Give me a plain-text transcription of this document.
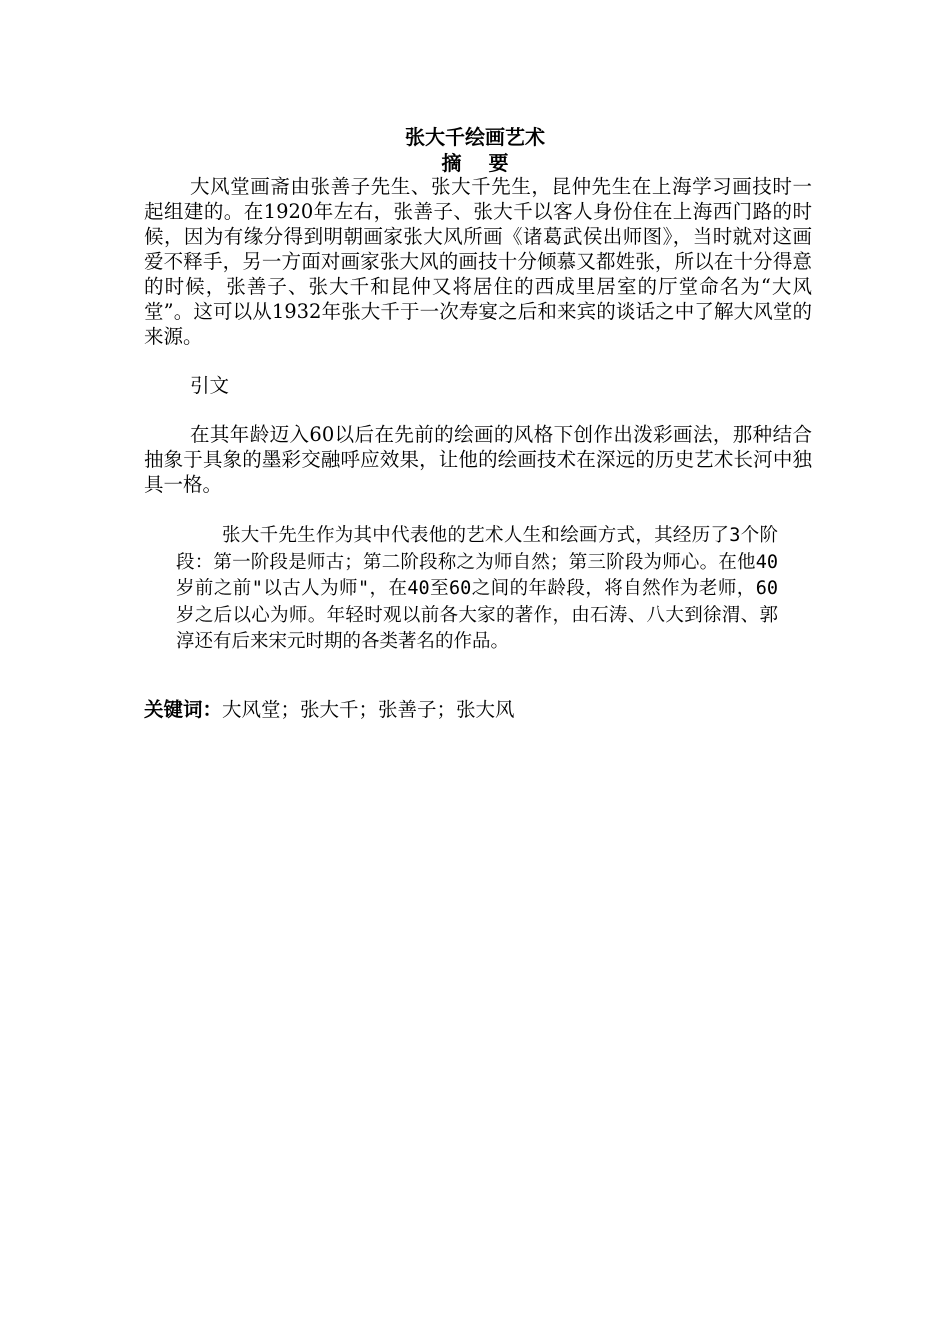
张大千绘画艺术
摘 要
大风堂画斋由张善子先生、张大千先生，昆仲先生在上海学习画技时一起组建的。在1920年左右，张善子、张大千以客人身份住在上海西门路的时候，因为有缘分得到明朝画家张大风所画《诸葛武侯出师图》，当时就对这画爱不释手，另一方面对画家张大风的画技十分倾慕又都姓张，所以在十分得意的时候，张善子、张大千和昆仲又将居住的西成里居室的厅堂命名为“大风堂”。这可以从1932年张大千于一次寿宴之后和来宾的谈话之中了解大风堂的来源。
引文
在其年龄迈入60以后在先前的绘画的风格下创作出泼彩画法，那种结合抽象于具象的墨彩交融呼应效果，让他的绘画技术在深远的历史艺术长河中独具一格。
张大千先生作为其中代表他的艺术人生和绘画方式，其经历了3个阶段：第一阶段是师古；第二阶段称之为师自然；第三阶段为师心。在他40岁前之前"以古人为师"，在40至60之间的年龄段，将自然作为老师，60岁之后以心为师。年轻时观以前各大家的著作，由石涛、八大到徐渭、郭淳还有后来宋元时期的各类著名的作品。
关键词：大风堂；张大千；张善子；张大风
